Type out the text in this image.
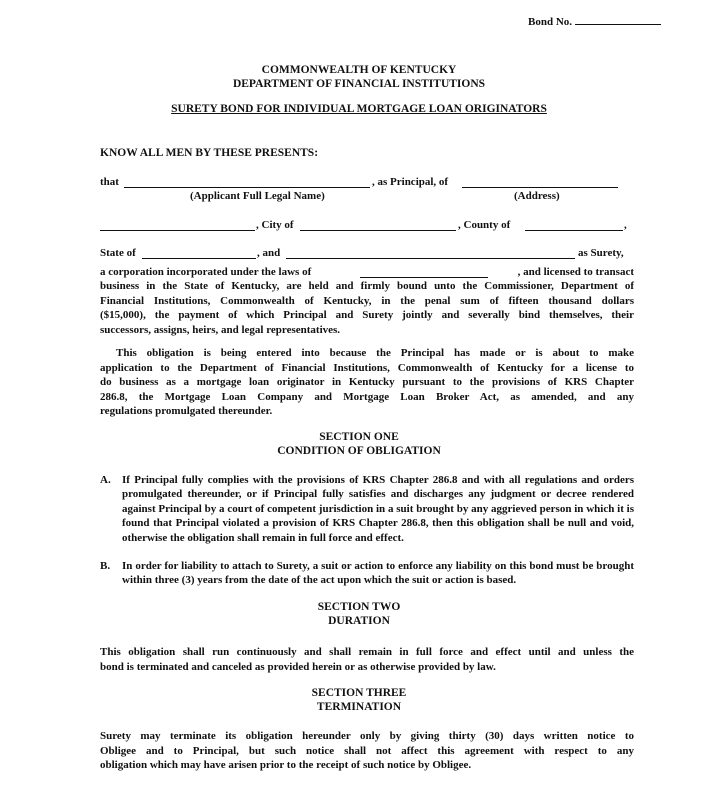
Bond No.
COMMONWEALTH OF KENTUCKY
DEPARTMENT OF FINANCIAL INSTITUTIONS
SURETY BOND FOR INDIVIDUAL MORTGAGE LOAN ORIGINATORS
KNOW ALL MEN BY THESE PRESENTS:
that	, as Principal, of
(Applicant Full Legal Name)	(Address)
, City of	, County of	,
State of	, and	as Surety,
a corporation incorporated under the laws of	, and licensed to transact
business in the State of Kentucky, are held and firmly bound unto the Commissioner, Department of
Financial Institutions, Commonwealth of Kentucky, in the penal sum of fifteen thousand dollars
($15,000), the payment of which Principal and Surety jointly and severally bind themselves, their
successors, assigns, heirs, and legal representatives.
This obligation is being entered into because the Principal has made or is about to make
application to the Department of Financial Institutions, Commonwealth of Kentucky for a license to
do business as a mortgage loan originator in Kentucky pursuant to the provisions of KRS Chapter
286.8, the Mortgage Loan Company and Mortgage Loan Broker Act, as amended, and any
regulations promulgated thereunder.
SECTION ONE
CONDITION OF OBLIGATION
A. If Principal fully complies with the provisions of KRS Chapter 286.8 and with all regulations and orders promulgated thereunder, or if Principal fully satisfies and discharges any judgment or decree rendered against Principal by a court of competent jurisdiction in a suit brought by any aggrieved person in which it is found that Principal violated a provision of KRS Chapter 286.8, then this obligation shall be null and void, otherwise the obligation shall remain in full force and effect.
B. In order for liability to attach to Surety, a suit or action to enforce any liability on this bond must be brought within three (3) years from the date of the act upon which the suit or action is based.
SECTION TWO
DURATION
This obligation shall run continuously and shall remain in full force and effect until and unless the
bond is terminated and canceled as provided herein or as otherwise provided by law.
SECTION THREE
TERMINATION
Surety may terminate its obligation hereunder only by giving thirty (30) days written notice to
Obligee and to Principal, but such notice shall not affect this agreement with respect to any
obligation which may have arisen prior to the receipt of such notice by Obligee.
